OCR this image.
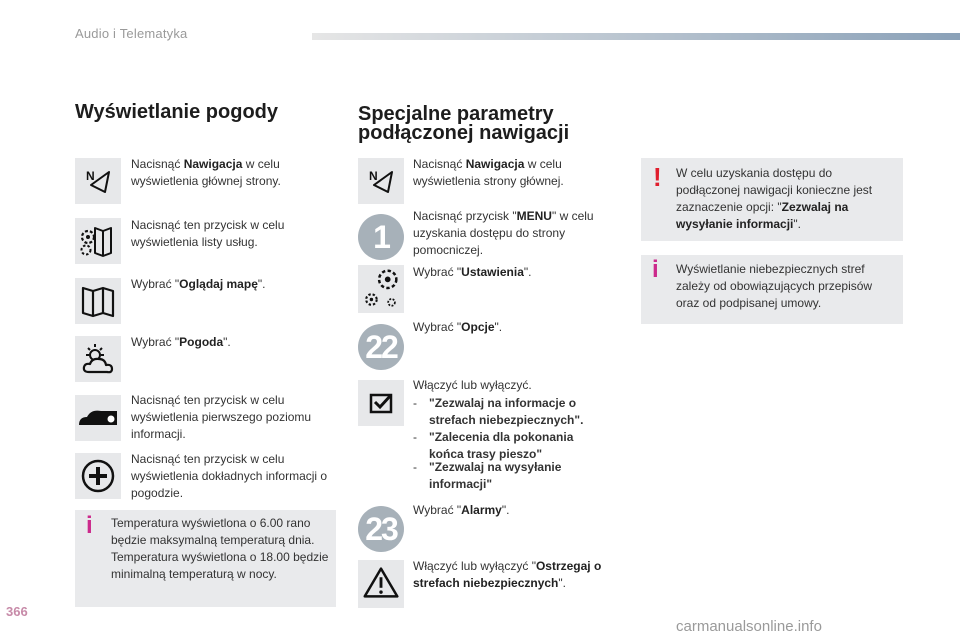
Audio i Telematyka
Wyświetlanie pogody
N
Nacisnąć Nawigacja w celu wyświetlenia głównej strony.
Nacisnąć ten przycisk w celu wyświetlenia listy usług.
Wybrać "Oglądaj mapę".
Wybrać "Pogoda".
Nacisnąć ten przycisk w celu wyświetlenia pierwszego poziomu informacji.
Nacisnąć ten przycisk w celu wyświetlenia dokładnych informacji o pogodzie.
i Temperatura wyświetlona o 6.00 rano będzie maksymalną temperaturą dnia. Temperatura wyświetlona o 18.00 będzie minimalną temperaturą w nocy.
Specjalne parametry
podłączonej nawigacji
N
Nacisnąć Nawigacja w celu wyświetlenia strony głównej.
1
Nacisnąć przycisk "MENU" w celu uzyskania dostępu do strony pomocniczej.
Wybrać "Ustawienia".
22
Wybrać "Opcje".
Włączyć lub wyłączyć.
- "Zezwalaj na informacje o strefach niebezpiecznych".
- "Zalecenia dla pokonania końca trasy pieszo"
- "Zezwalaj na wysyłanie informacji"
23
Wybrać "Alarmy".
Włączyć lub wyłączyć "Ostrzegaj o strefach niebezpiecznych".
! W celu uzyskania dostępu do podłączonej nawigacji konieczne jest zaznaczenie opcji: "Zezwalaj na wysyłanie informacji".
i Wyświetlanie niebezpiecznych stref zależy od obowiązujących przepisów oraz od podpisanej umowy.
366
carmanualsonline.info
